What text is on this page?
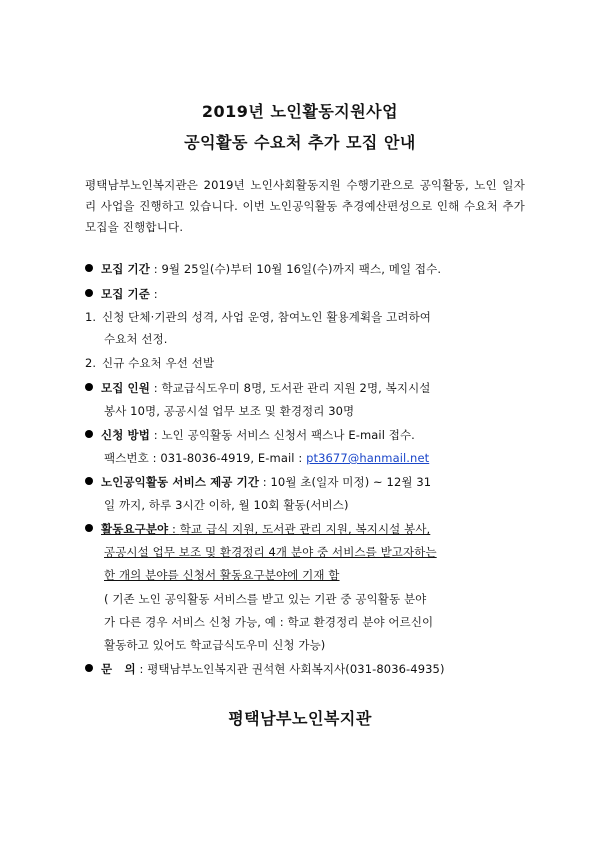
2019년 노인활동지원사업
공익활동 수요처 추가 모집 안내

평택남부노인복지관은 2019년 노인사회활동지원 수행기관으로 공익활동, 노인 일자리 사업을 진행하고 있습니다. 이번 노인공익활동 추경예산편성으로 인해 수요처 추가 모집을 진행합니다.

모집 기간 : 9월 25일(수)부터 10월 16일(수)까지 팩스, 메일 접수.
모집 기준 :
1. 신청 단체·기관의 성격, 사업 운영, 참여노인 활용계획을 고려하여
수요처 선정.
2. 신규 수요처 우선 선발
모집 인원 : 학교급식도우미 8명, 도서관 관리 지원 2명, 복지시설
봉사 10명, 공공시설 업무 보조 및 환경정리 30명
신청 방법 : 노인 공익활동 서비스 신청서 팩스나 E-mail 접수.
팩스번호 : 031-8036-4919, E-mail : pt3677@hanmail.net
노인공익활동 서비스 제공 기간 : 10월 초(일자 미정) ~ 12월 31
일 까지, 하루 3시간 이하, 월 10회 활동(서비스)
활동요구분야 : 학교 급식 지원, 도서관 관리 지원, 복지시설 봉사,
공공시설 업무 보조 및 환경정리 4개 분야 중 서비스를 받고자하는
한 개의 분야를 신청서 활동요구분야에 기재 함
( 기존 노인 공익활동 서비스를 받고 있는 기관 중 공익활동 분야
가 다른 경우 서비스 신청 가능, 예 : 학교 환경정리 분야 어르신이
활동하고 있어도 학교급식도우미 신청 가능)
문   의 : 평택남부노인복지관 권석현 사회복지사(031-8036-4935)
평택남부노인복지관
